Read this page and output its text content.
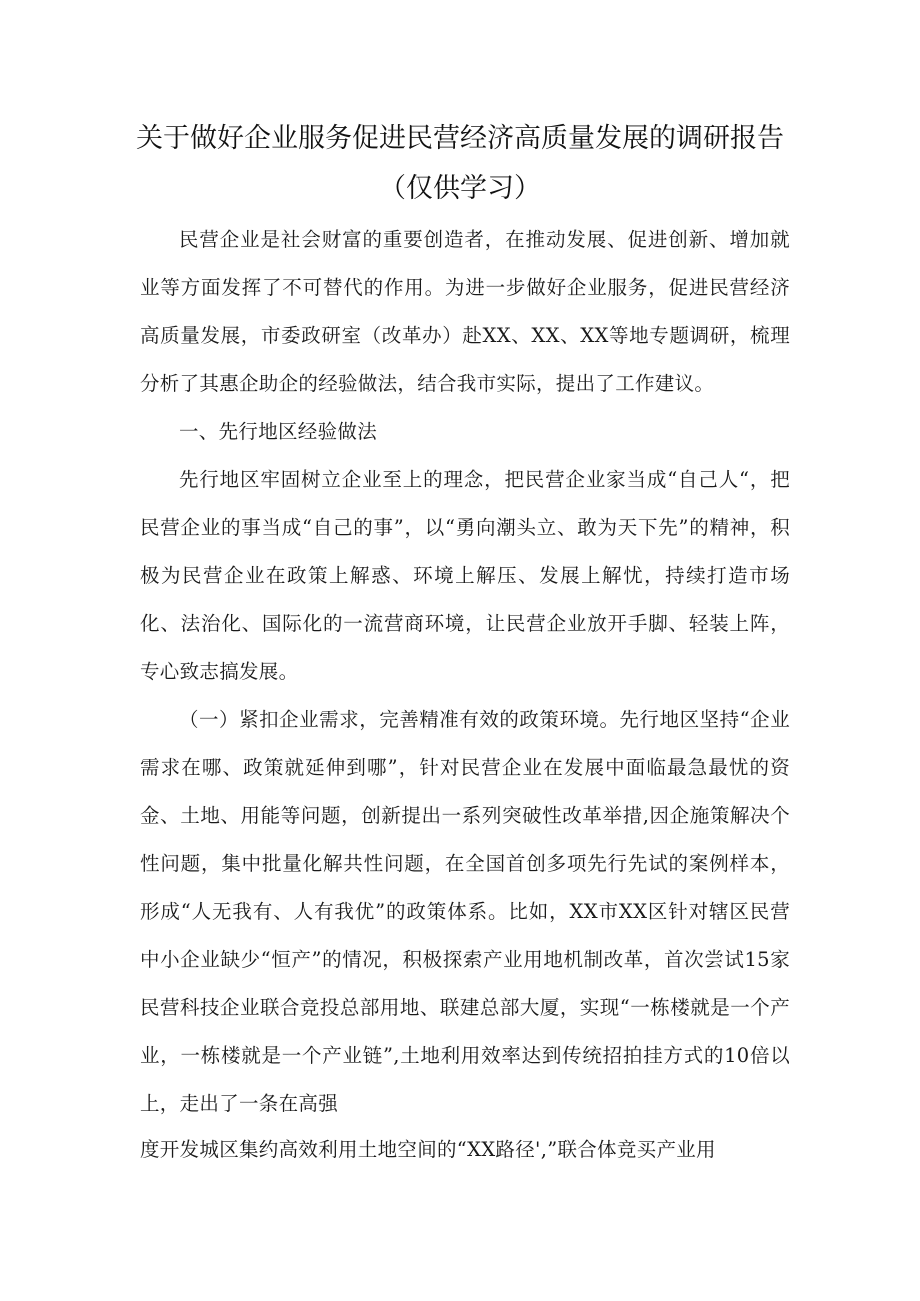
关于做好企业服务促进民营经济高质量发展的调研报告（仅供学习）

民营企业是社会财富的重要创造者，在推动发展、促进创新、增加就业等方面发挥了不可替代的作用。为进一步做好企业服务，促进民营经济高质量发展，市委政研室（改革办）赴XX、XX、XX等地专题调研，梳理分析了其惠企助企的经验做法，结合我市实际，提出了工作建议。

一、先行地区经验做法

先行地区牢固树立企业至上的理念，把民营企业家当成“自己人“，把民营企业的事当成“自己的事”，以“勇向潮头立、敢为天下先”的精神，积极为民营企业在政策上解惑、环境上解压、发展上解忧，持续打造市场化、法治化、国际化的一流营商环境，让民营企业放开手脚、轻装上阵，专心致志搞发展。

（一）紧扣企业需求，完善精准有效的政策环境。先行地区坚持“企业需求在哪、政策就延伸到哪”，针对民营企业在发展中面临最急最忧的资金、土地、用能等问题，创新提出一系列突破性改革举措,因企施策解决个性问题，集中批量化解共性问题，在全国首创多项先行先试的案例样本，形成“人无我有、人有我优”的政策体系。比如，XX市XX区针对辖区民营中小企业缺少“恒产”的情况，积极探索产业用地机制改革，首次尝试15家民营科技企业联合竞投总部用地、联建总部大厦，实现“一栋楼就是一个产业，一栋楼就是一个产业链”,土地利用效率达到传统招拍挂方式的10倍以上，走出了一条在高强

度开发城区集约高效利用土地空间的“XX路径',”联合体竞买产业用
